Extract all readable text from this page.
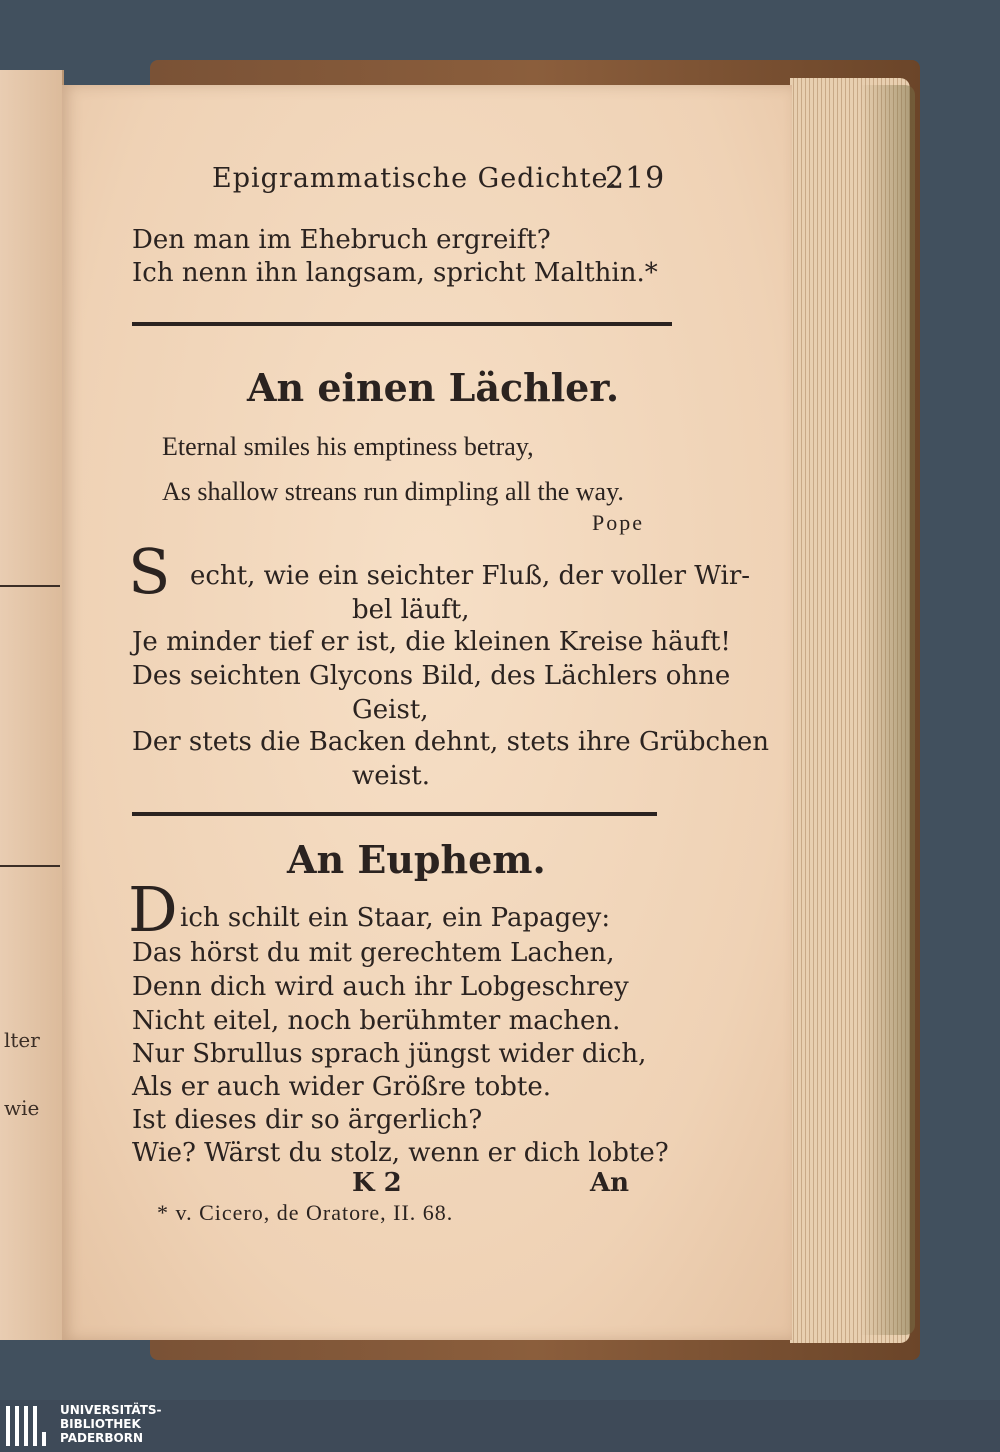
lter
wie
Epigrammatische Gedichte.
219
Den man im Ehebruch ergreift?
Ich nenn ihn langsam, spricht Malthin.*
An einen Lächler.
Eternal smiles his emptiness betray,
As shallow streans run dimpling all the way.
Pope
S echt, wie ein seichter Fluß, der voller Wir-
bel läuft,
Je minder tief er ist, die kleinen Kreise häuft!
Des seichten Glycons Bild, des Lächlers ohne
Geist,
Der stets die Backen dehnt, stets ihre Grübchen
weist.
An Euphem.
D ich schilt ein Staar, ein Papagey:
Das hörst du mit gerechtem Lachen,
Denn dich wird auch ihr Lobgeschrey
Nicht eitel, noch berühmter machen.
Nur Sbrullus sprach jüngst wider dich,
Als er auch wider Größre tobte.
Ist dieses dir so ärgerlich?
Wie? Wärst du stolz, wenn er dich lobte?
K 2	An
* v. Cicero, de Oratore, II. 68.
UNIVERSITÄTS-
BIBLIOTHEK
PADERBORN
